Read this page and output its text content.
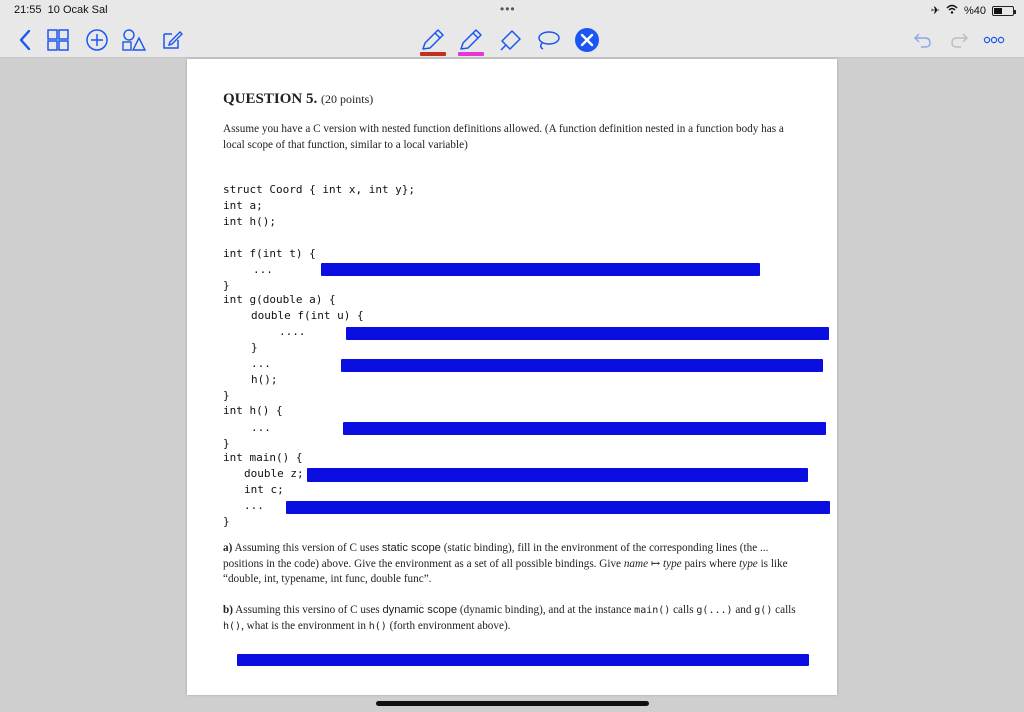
21:55 10 Ocak Sal	•••	✈ %40
QUESTION 5. (20 points)
Assume you have a C version with nested function definitions allowed. (A function definition nested in a function body has a local scope of that function, similar to a local variable)
struct Coord { int x, int y};
int a;
int h();
int f(int t) {
...
}
int g(double a) {
double f(int u) {
....
}
...
h();
}
int h() {
...
}
int main() {
double z;
int c;
...
}
a) Assuming this version of C uses static scope (static binding), fill in the environment of the corresponding lines (the ... positions in the code) above. Give the environment as a set of all possible bindings. Give name ↦ type pairs where type is like “double, int, typename, int func, double func”.
b) Assuming this versino of C uses dynamic scope (dynamic binding), and at the instance main() calls g(...) and g() calls h(), what is the environment in h() (forth environment above).
